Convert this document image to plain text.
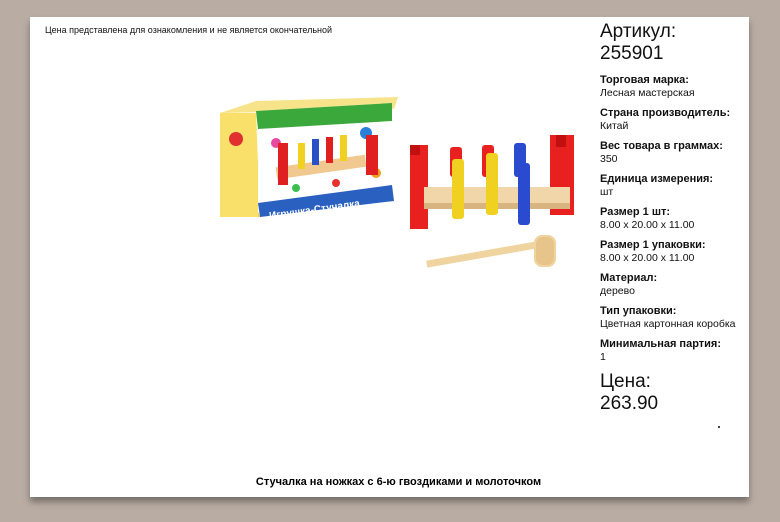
Цена представлена для ознакомления и не является окончательной
Игрушка-Стучалка
Артикул:
255901
Торговая марка:
Лесная мастерская
Страна производитель:
Китай
Вес товара в граммах:
350
Единица измерения:
шт
Размер 1 шт:
8.00 х 20.00 х 11.00
Размер 1 упаковки:
8.00 х 20.00 х 11.00
Материал:
дерево
Тип упаковки:
Цветная картонная коробка
Минимальная партия:
1
Цена:
263.90
Стучалка на ножках с 6-ю гвоздиками и молоточком
